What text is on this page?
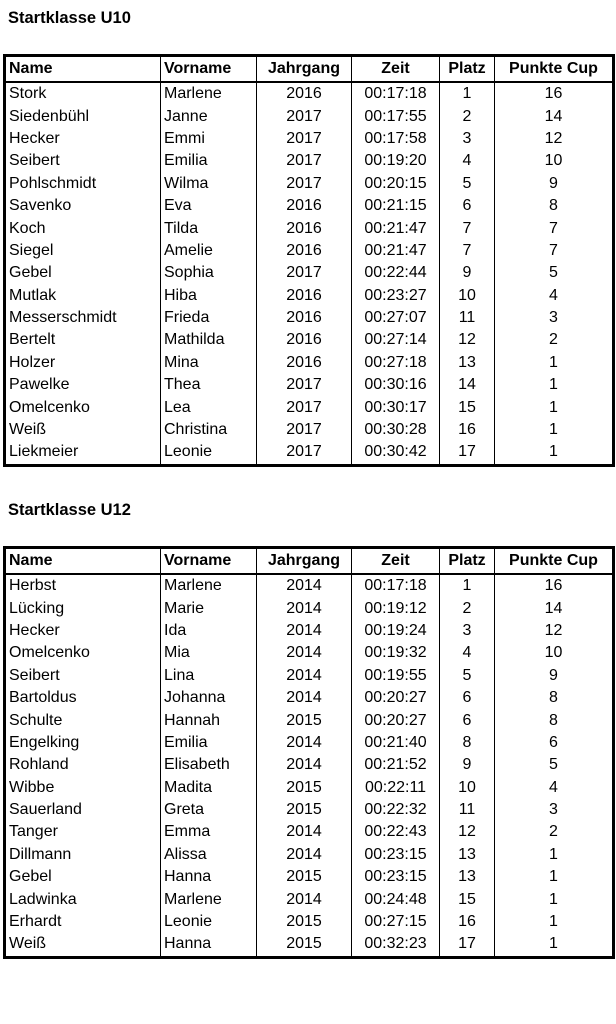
Startklasse U10
Name	Vorname	Jahrgang	Zeit	Platz	Punkte Cup
Stork	Marlene	2016	00:17:18	1	16
Siedenbühl	Janne	2017	00:17:55	2	14
Hecker	Emmi	2017	00:17:58	3	12
Seibert	Emilia	2017	00:19:20	4	10
Pohlschmidt	Wilma	2017	00:20:15	5	9
Savenko	Eva	2016	00:21:15	6	8
Koch	Tilda	2016	00:21:47	7	7
Siegel	Amelie	2016	00:21:47	7	7
Gebel	Sophia	2017	00:22:44	9	5
Mutlak	Hiba	2016	00:23:27	10	4
Messerschmidt	Frieda	2016	00:27:07	11	3
Bertelt	Mathilda	2016	00:27:14	12	2
Holzer	Mina	2016	00:27:18	13	1
Pawelke	Thea	2017	00:30:16	14	1
Omelcenko	Lea	2017	00:30:17	15	1
Weiß	Christina	2017	00:30:28	16	1
Liekmeier	Leonie	2017	00:30:42	17	1
Startklasse U12
Name	Vorname	Jahrgang	Zeit	Platz	Punkte Cup
Herbst	Marlene	2014	00:17:18	1	16
Lücking	Marie	2014	00:19:12	2	14
Hecker	Ida	2014	00:19:24	3	12
Omelcenko	Mia	2014	00:19:32	4	10
Seibert	Lina	2014	00:19:55	5	9
Bartoldus	Johanna	2014	00:20:27	6	8
Schulte	Hannah	2015	00:20:27	6	8
Engelking	Emilia	2014	00:21:40	8	6
Rohland	Elisabeth	2014	00:21:52	9	5
Wibbe	Madita	2015	00:22:11	10	4
Sauerland	Greta	2015	00:22:32	11	3
Tanger	Emma	2014	00:22:43	12	2
Dillmann	Alissa	2014	00:23:15	13	1
Gebel	Hanna	2015	00:23:15	13	1
Ladwinka	Marlene	2014	00:24:48	15	1
Erhardt	Leonie	2015	00:27:15	16	1
Weiß	Hanna	2015	00:32:23	17	1
